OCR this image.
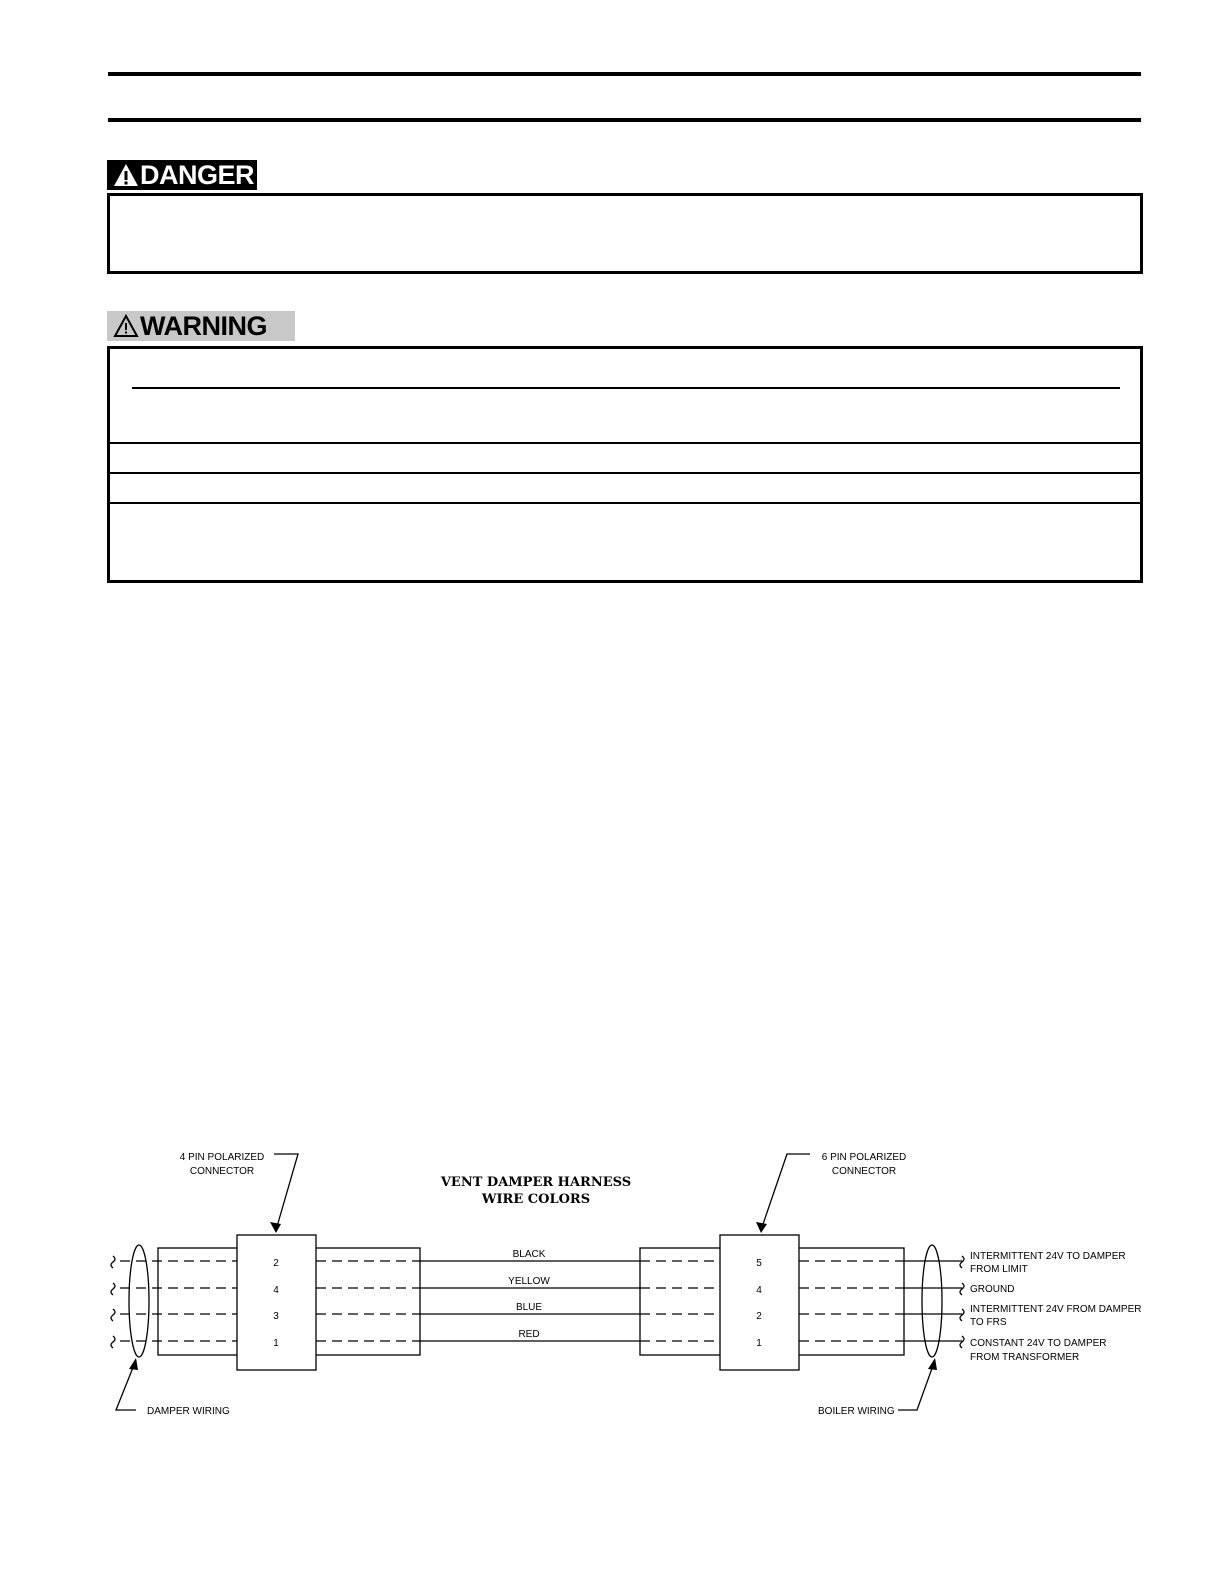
DANGER
WARNING
4 PIN POLARIZED
CONNECTOR
6 PIN POLARIZED
CONNECTOR
VENT DAMPER HARNESS
WIRE COLORS
2
4
3
1
5
4
2
1
BLACK
YELLOW
BLUE
RED
DAMPER WIRING	BOILER WIRING
INTERMITTENT 24V TO DAMPER
FROM LIMIT
GROUND
INTERMITTENT 24V FROM DAMPER
TO FRS
CONSTANT 24V TO DAMPER
FROM TRANSFORMER
